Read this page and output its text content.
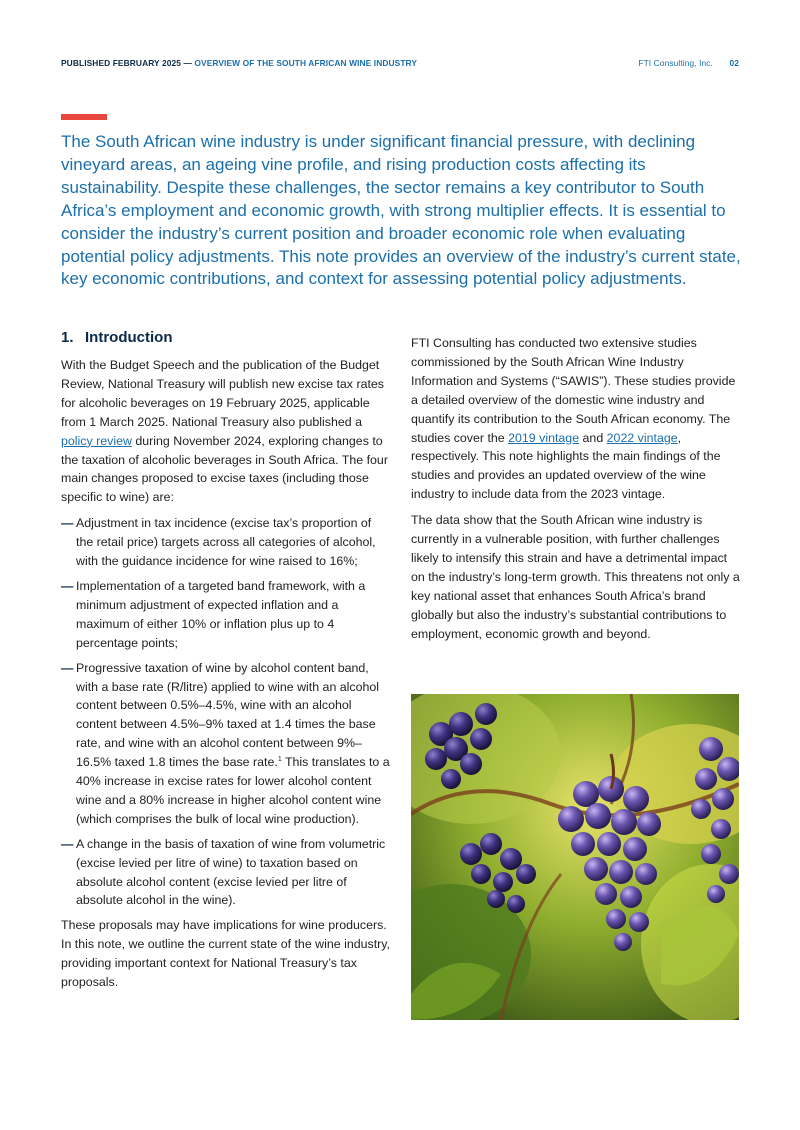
PUBLISHED FEBRUARY 2025 — OVERVIEW OF THE SOUTH AFRICAN WINE INDUSTRY	FTI Consulting, Inc. 02

The South African wine industry is under significant financial pressure, with declining vineyard areas, an ageing vine profile, and rising production costs affecting its sustainability. Despite these challenges, the sector remains a key contributor to South Africa’s employment and economic growth, with strong multiplier effects. It is essential to consider the industry’s current position and broader economic role when evaluating potential policy adjustments. This note provides an overview of the industry’s current state, key economic contributions, and context for assessing potential policy adjustments.

1. Introduction

With the Budget Speech and the publication of the Budget Review, National Treasury will publish new excise tax rates for alcoholic beverages on 19 February 2025, applicable from 1 March 2025. National Treasury also published a policy review during November 2024, exploring changes to the taxation of alcoholic beverages in South Africa. The four main changes proposed to excise taxes (including those specific to wine) are:

— Adjustment in tax incidence (excise tax’s proportion of the retail price) targets across all categories of alcohol, with the guidance incidence for wine raised to 16%;
— Implementation of a targeted band framework, with a minimum adjustment of expected inflation and a maximum of either 10% or inflation plus up to 4 percentage points;
— Progressive taxation of wine by alcohol content band, with a base rate (R/litre) applied to wine with an alcohol content between 0.5%–4.5%, wine with an alcohol content between 4.5%–9% taxed at 1.4 times the base rate, and wine with an alcohol content between 9%–16.5% taxed 1.8 times the base rate.$^1$ This translates to a 40% increase in excise rates for lower alcohol content wine and a 80% increase in higher alcohol content wine (which comprises the bulk of local wine production).
— A change in the basis of taxation of wine from volumetric (excise levied per litre of wine) to taxation based on absolute alcohol content (excise levied per litre of absolute alcohol in the wine).

These proposals may have implications for wine producers. In this note, we outline the current state of the wine industry, providing important context for National Treasury’s tax proposals.

FTI Consulting has conducted two extensive studies commissioned by the South African Wine Industry Information and Systems (“SAWIS”). These studies provide a detailed overview of the domestic wine industry and quantify its contribution to the South African economy. The studies cover the 2019 vintage and 2022 vintage, respectively. This note highlights the main findings of the studies and provides an updated overview of the wine industry to include data from the 2023 vintage.

The data show that the South African wine industry is currently in a vulnerable position, with further challenges likely to intensify this strain and have a detrimental impact on the industry’s long-term growth. This threatens not only a key national asset that enhances South Africa’s brand globally but also the industry’s substantial contributions to employment, economic growth and beyond.
